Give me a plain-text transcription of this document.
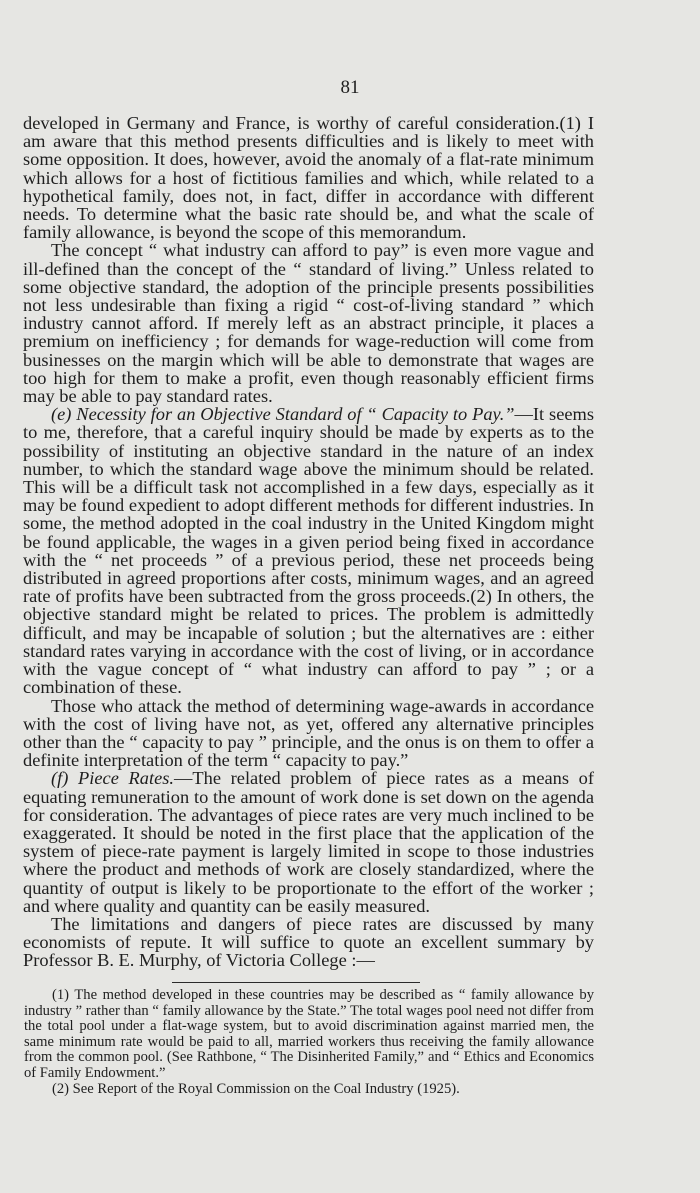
81

developed in Germany and France, is worthy of careful consideration.(1) I am aware that this method presents difficulties and is likely to meet with some opposition. It does, however, avoid the anomaly of a flat-rate minimum which allows for a host of fictitious families and which, while related to a hypothetical family, does not, in fact, differ in accordance with different needs. To determine what the basic rate should be, and what the scale of family allowance, is beyond the scope of this memorandum.

The concept “ what industry can afford to pay” is even more vague and ill-defined than the concept of the “ standard of living.” Unless related to some objective standard, the adoption of the principle presents possibilities not less undesirable than fixing a rigid “ cost-of-living standard ” which industry cannot afford. If merely left as an abstract principle, it places a premium on inefficiency ; for demands for wage-reduction will come from businesses on the margin which will be able to demonstrate that wages are too high for them to make a profit, even though reasonably efficient firms may be able to pay standard rates.

(e) Necessity for an Objective Standard of “ Capacity to Pay.”—It seems to me, therefore, that a careful inquiry should be made by experts as to the possibility of instituting an objective standard in the nature of an index number, to which the standard wage above the minimum should be related. This will be a difficult task not accomplished in a few days, especially as it may be found expedient to adopt different methods for different industries. In some, the method adopted in the coal industry in the United Kingdom might be found applicable, the wages in a given period being fixed in accordance with the “ net proceeds ” of a previous period, these net proceeds being distributed in agreed proportions after costs, minimum wages, and an agreed rate of profits have been subtracted from the gross proceeds.(2) In others, the objective standard might be related to prices. The problem is admittedly difficult, and may be incapable of solution ; but the alternatives are : either standard rates varying in accordance with the cost of living, or in accordance with the vague concept of “ what industry can afford to pay ” ; or a combination of these.

Those who attack the method of determining wage-awards in accordance with the cost of living have not, as yet, offered any alternative principles other than the “ capacity to pay ” principle, and the onus is on them to offer a definite interpretation of the term “ capacity to pay.”

(f) Piece Rates.—The related problem of piece rates as a means of equating remuneration to the amount of work done is set down on the agenda for consideration. The advantages of piece rates are very much inclined to be exaggerated. It should be noted in the first place that the application of the system of piece-rate payment is largely limited in scope to those industries where the product and methods of work are closely standardized, where the quantity of output is likely to be proportionate to the effort of the worker ; and where quality and quantity can be easily measured.

The limitations and dangers of piece rates are discussed by many economists of repute. It will suffice to quote an excellent summary by Professor B. E. Murphy, of Victoria College :—

(1) The method developed in these countries may be described as “ family allowance by industry ” rather than “ family allowance by the State.” The total wages pool need not differ from the total pool under a flat-wage system, but to avoid discrimination against married men, the same minimum rate would be paid to all, married workers thus receiving the family allowance from the common pool. (See Rathbone, “ The Disinherited Family,” and “ Ethics and Economics of Family Endowment.”

(2) See Report of the Royal Commission on the Coal Industry (1925).
